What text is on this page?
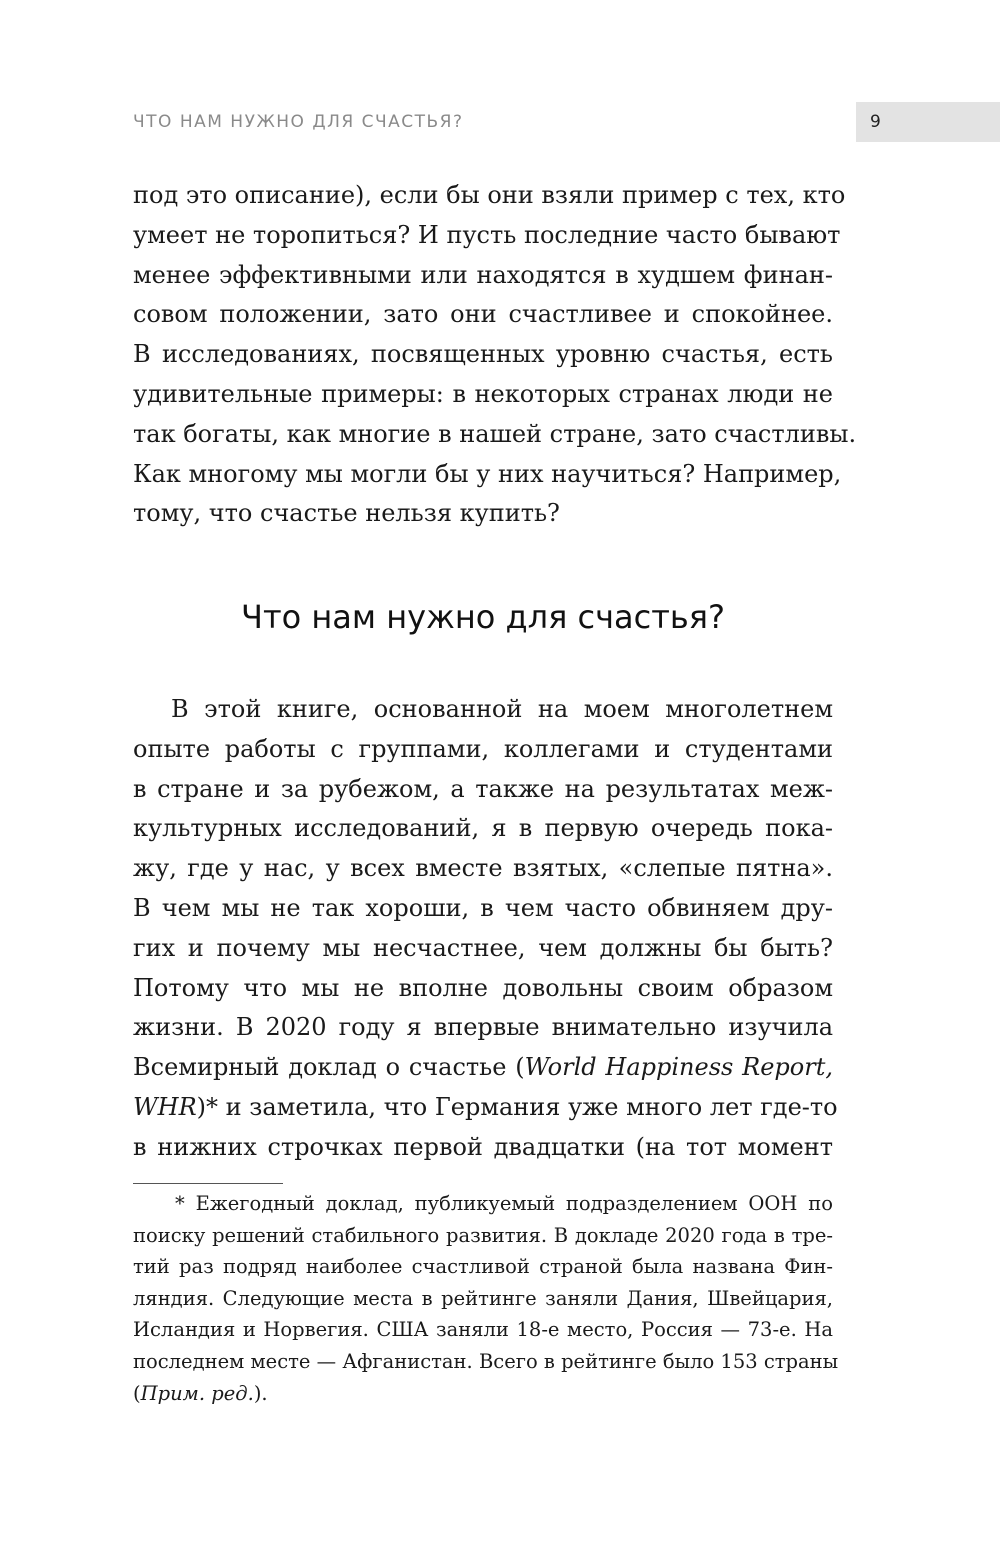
ЧТО НАМ НУЖНО ДЛЯ СЧАСТЬЯ?	9
под это описание), если бы они взяли пример с тех, кто
умеет не торопиться? И пусть последние часто бывают
менее эффективными или находятся в худшем финан-
совом положении, зато они счастливее и спокойнее.
В исследованиях, посвященных уровню счастья, есть
удивительные примеры: в некоторых странах люди не
так богаты, как многие в нашей стране, зато счастливы.
Как многому мы могли бы у них научиться? Например,
тому, что счастье нельзя купить?
Что нам нужно для счастья?
В этой книге, основанной на моем многолетнем
опыте работы с группами, коллегами и студентами
в стране и за рубежом, а также на результатах меж-
культурных исследований, я в первую очередь пока-
жу, где у нас, у всех вместе взятых, «слепые пятна».
В чем мы не так хороши, в чем часто обвиняем дру-
гих и почему мы несчастнее, чем должны бы быть?
Потому что мы не вполне довольны своим образом
жизни. В 2020 году я впервые внимательно изучила
Всемирный доклад о счастье (World Happiness Report,
WHR)* и заметила, что Германия уже много лет где-то
в нижних строчках первой двадцатки (на тот момент
* Ежегодный доклад, публикуемый подразделением ООН по
поиску решений стабильного развития. В докладе 2020 года в тре-
тий раз подряд наиболее счастливой страной была названа Фин-
ляндия. Следующие места в рейтинге заняли Дания, Швейцария,
Исландия и Норвегия. США заняли 18-е место, Россия — 73-е. На
последнем месте — Афганистан. Всего в рейтинге было 153 страны
(Прим. ред.).
